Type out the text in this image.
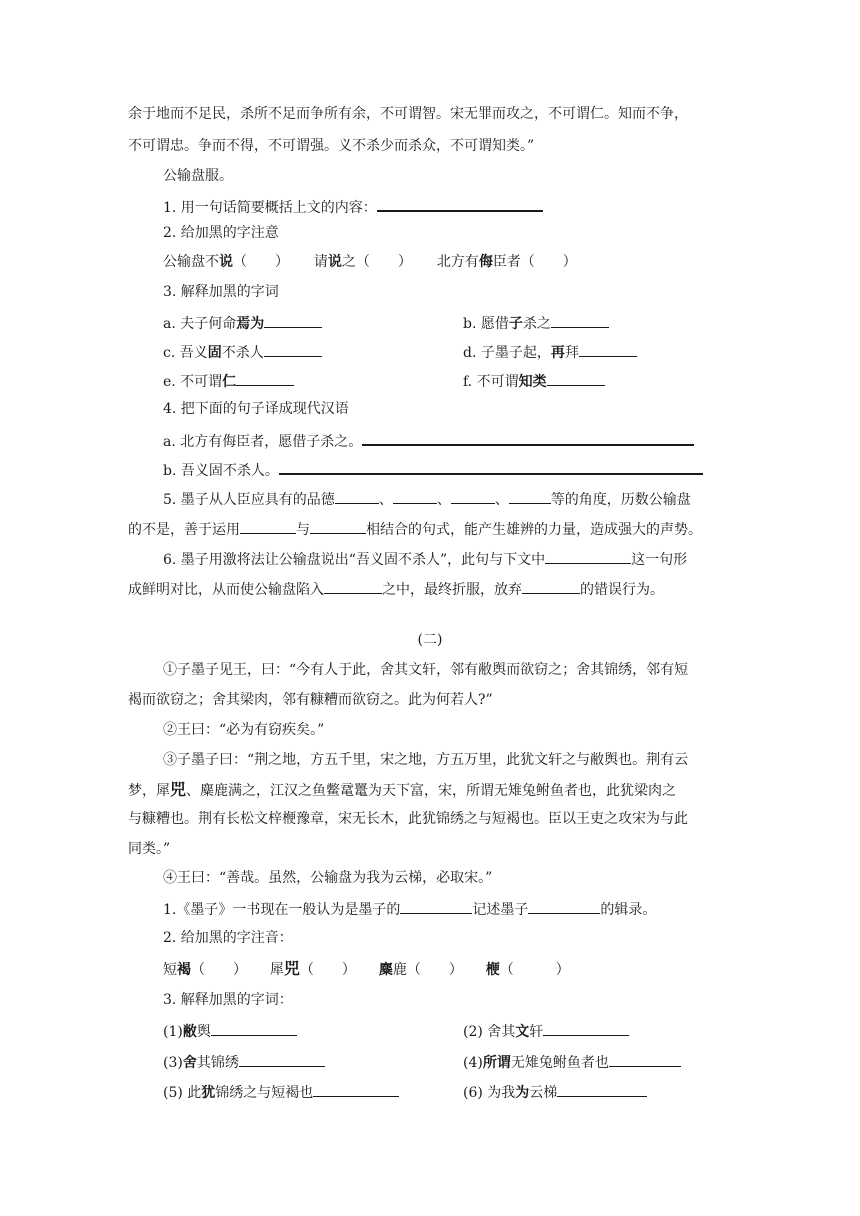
余于地而不足民，杀所不足而争所有余，不可谓智。宋无罪而攻之，不可谓仁。知而不争，
不可谓忠。争而不得，不可谓强。义不杀少而杀众，不可谓知类。”
公输盘服。
1. 用一句话简要概括上文的内容：
2. 给加黑的字注意
公输盘不说（　　） 请说之（　　） 北方有侮臣者（　　）
3. 解释加黑的字词
a. 夫子何命焉为	b. 愿借子杀之
c. 吾义固不杀人	d. 子墨子起，再拜
e. 不可谓仁	f. 不可谓知类
4. 把下面的句子译成现代汉语
a. 北方有侮臣者，愿借子杀之。
b. 吾义固不杀人。
5. 墨子从人臣应具有的品德	、	、	、	等的角度，历数公输盘
的不是，善于运用	与	相结合的句式，能产生雄辨的力量，造成强大的声势。
6. 墨子用激将法让公输盘说出“吾义固不杀人”，此句与下文中	这一句形
成鲜明对比，从而使公输盘陷入	之中，最终折服，放弃	的错误行为。
(二)
①子墨子见王，曰：“今有人于此，舍其文轩，邻有敝舆而欲窃之；舍其锦绣，邻有短
褐而欲窃之；舍其梁肉，邻有糠糟而欲窃之。此为何若人?”
②王曰：“必为有窃疾矣。”
③子墨子曰：“荆之地，方五千里，宋之地，方五万里，此犹文轩之与敝舆也。荆有云
梦，犀兕、麋鹿满之，江汉之鱼鳖鼋鼍为天下富，宋，所谓无雉兔鲋鱼者也，此犹梁肉之
与糠糟也。荆有长松文梓楩豫章，宋无长木，此犹锦绣之与短褐也。臣以王吏之攻宋为与此
同类。”
④王曰：“善哉。虽然，公输盘为我为云梯，必取宋。”
1.《墨子》一书现在一般认为是墨子的	记述墨子	的辑录。
2. 给加黑的字注音：
短褐（　　） 犀兕（　　） 麋鹿（　　） 楩（　　　）
3. 解释加黑的字词：
(1)敝舆	(2) 舍其文轩
(3)舍其锦绣	(4)所谓无雉兔鲋鱼者也
(5) 此犹锦绣之与短褐也	(6) 为我为云梯
